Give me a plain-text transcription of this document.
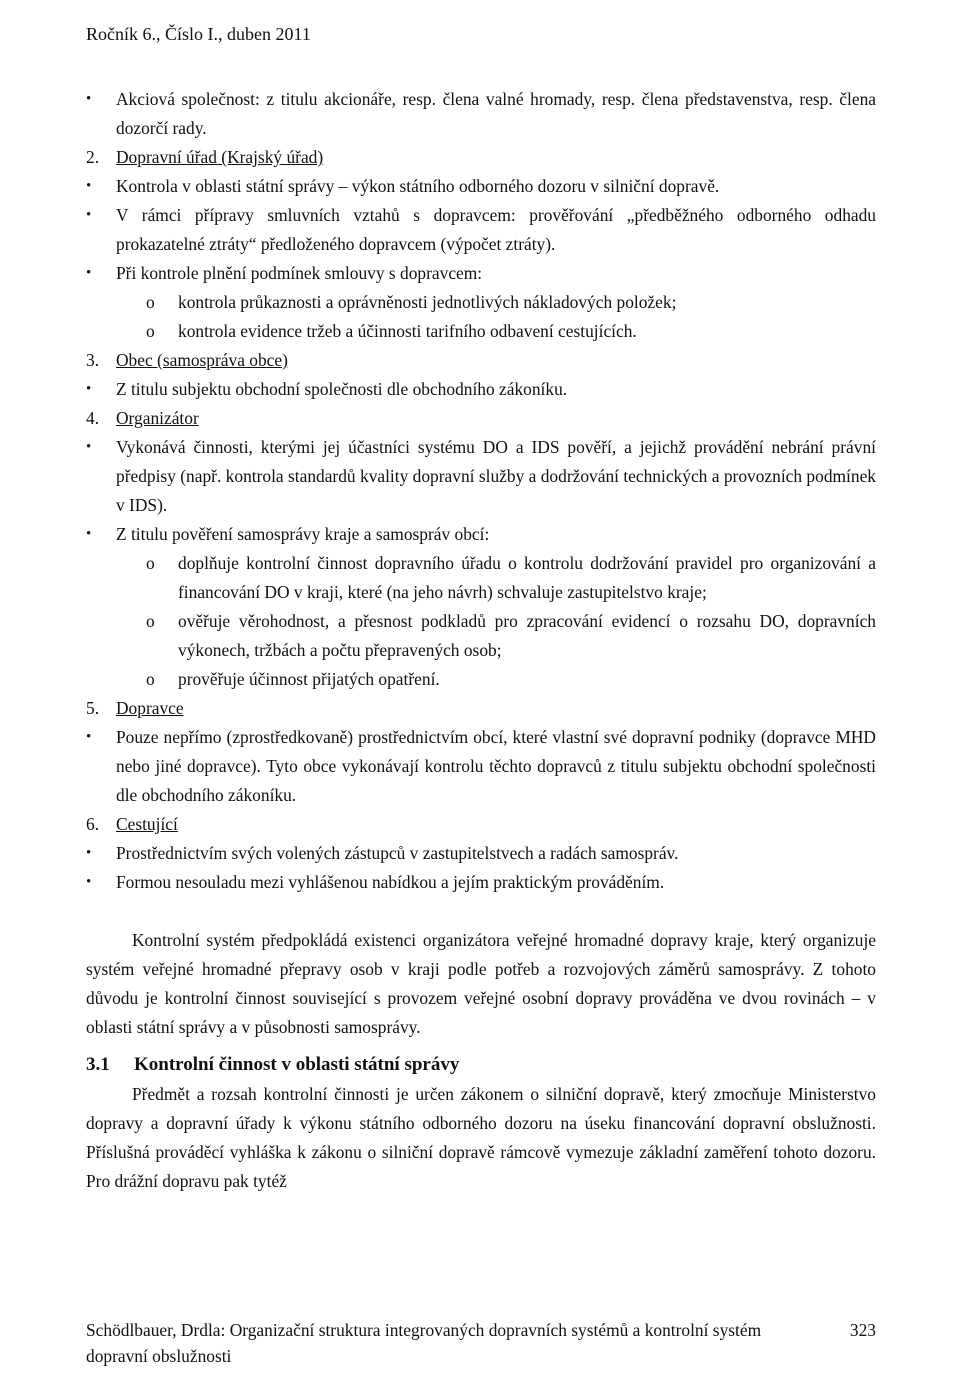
Ročník 6., Číslo I., duben 2011
• Akciová společnost: z titulu akcionáře, resp. člena valné hromady, resp. člena představenstva, resp. člena dozorčí rady.
2. Dopravní úřad (Krajský úřad)
• Kontrola v oblasti státní správy – výkon státního odborného dozoru v silniční dopravě.
• V rámci přípravy smluvních vztahů s dopravcem: prověřování „předběžného odborného odhadu prokazatelné ztráty“ předloženého dopravcem (výpočet ztráty).
• Při kontrole plnění podmínek smlouvy s dopravcem:
o kontrola průkaznosti a oprávněnosti jednotlivých nákladových položek;
o kontrola evidence tržeb a účinnosti tarifního odbavení cestujících.
3. Obec (samospráva obce)
• Z titulu subjektu obchodní společnosti dle obchodního zákoníku.
4. Organizátor
• Vykonává činnosti, kterými jej účastníci systému DO a IDS pověří, a jejichž provádění nebrání právní předpisy (např. kontrola standardů kvality dopravní služby a dodržování technických a provozních podmínek v IDS).
• Z titulu pověření samosprávy kraje a samospráv obcí:
o doplňuje kontrolní činnost dopravního úřadu o kontrolu dodržování pravidel pro organizování a financování DO v kraji, které (na jeho návrh) schvaluje zastupitelstvo kraje;
o ověřuje věrohodnost, a přesnost podkladů pro zpracování evidencí o rozsahu DO, dopravních výkonech, tržbách a počtu přepravených osob;
o prověřuje účinnost přijatých opatření.
5. Dopravce
• Pouze nepřímo (zprostředkovaně) prostřednictvím obcí, které vlastní své dopravní podniky (dopravce MHD nebo jiné dopravce). Tyto obce vykonávají kontrolu těchto dopravců z titulu subjektu obchodní společnosti dle obchodního zákoníku.
6. Cestující
• Prostřednictvím svých volených zástupců v zastupitelstvech a radách samospráv.
• Formou nesouladu mezi vyhlášenou nabídkou a jejím praktickým prováděním.
Kontrolní systém předpokládá existenci organizátora veřejné hromadné dopravy kraje, který organizuje systém veřejné hromadné přepravy osob v kraji podle potřeb a rozvojových záměrů samosprávy. Z tohoto důvodu je kontrolní činnost související s provozem veřejné osobní dopravy prováděna ve dvou rovinách – v oblasti státní správy a v působnosti samosprávy.
3.1 Kontrolní činnost v oblasti státní správy
Předmět a rozsah kontrolní činnosti je určen zákonem o silniční dopravě, který zmocňuje Ministerstvo dopravy a dopravní úřady k výkonu státního odborného dozoru na úseku financování dopravní obslužnosti. Příslušná prováděcí vyhláška k zákonu o silniční dopravě rámcově vymezuje základní zaměření tohoto dozoru. Pro drážní dopravu pak tytéž
Schödlbauer, Drdla: Organizační struktura integrovaných dopravních systémů a kontrolní systém dopravní obslužnosti
323
